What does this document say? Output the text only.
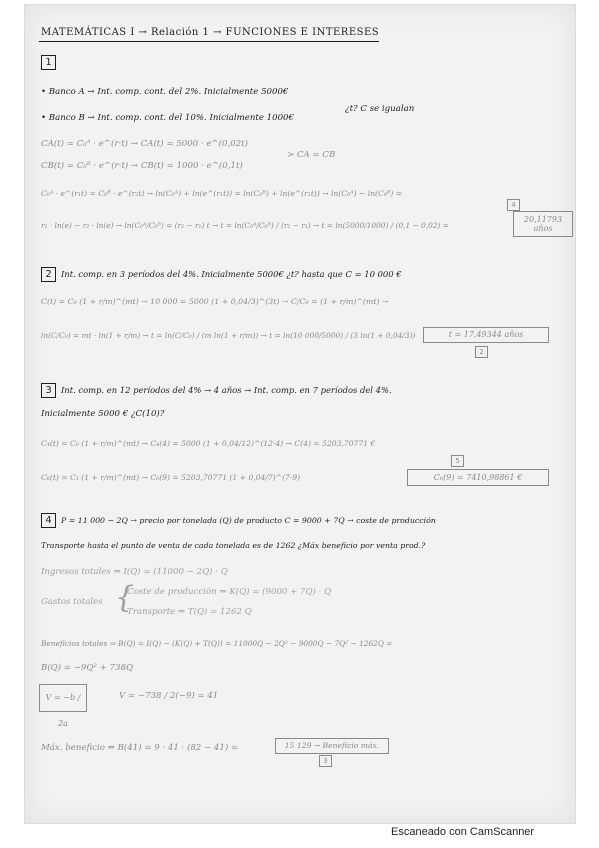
MATEMÁTICAS I → Relación 1 → FUNCIONES E INTERESES
1
• Banco A → Int. comp. cont. del 2%. Inicialmente 5000€
• Banco B → Int. comp. cont. del 10%. Inicialmente 1000€
¿t? C se igualan
CA(t) = C₀ᴬ · e^(r·t) → CA(t) = 5000 · e^(0,02t)
CB(t) = C₀ᴮ · e^(r·t) → CB(t) = 1000 · e^(0,1t)
> CA = CB
C₀ᴬ · e^(r₁t) = C₀ᴮ · e^(r₂t) → ln(C₀ᴬ) + ln(e^(r₁t)) = ln(C₀ᴮ) + ln(e^(r₂t)) → ln(C₀ᴬ) − ln(C₀ᴮ) =
r₁ · ln(e) − r₂ · ln(e) → ln(C₀ᴬ/C₀ᴮ) = (r₂ − r₁) t → t = ln(C₀ᴬ/C₀ᴮ) / (r₂ − r₁) → t = ln(5000/1000) / (0,1 − 0,02) =
4
20,11793 años
2	Int. comp. en 3 períodos del 4%. Inicialmente 5000€ ¿t? hasta que C = 10 000 €
C(t) = C₀ (1 + r/m)^(mt) → 10 000 = 5000 (1 + 0,04/3)^(3t) → C/C₀ = (1 + r/m)^(mt) →
ln(C/C₀) = mt · ln(1 + r/m) → t = ln(C/C₀) / (m ln(1 + r/m)) → t = ln(10 000/5000) / (3 ln(1 + 0,04/3))	t = 17,49344 años
2
3	Int. comp. en 12 períodos del 4% → 4 años → Int. comp. en 7 períodos del 4%.
Inicialmente 5000 € ¿C(10)?
C₄(t) = C₀ (1 + r/m)^(mt) → C₄(4) = 5000 (1 + 0,04/12)^(12·4) → C(4) = 5203,70771 €
C₆(t) = C₁ (1 + r/m)^(mt) → C₆(9) = 5203,70771 (1 + 0,04/7)^(7·9)
5
C₆(9) = 7410,98861 €
4	P = 11 000 − 2Q → precio por tonelada (Q) de producto C = 9000 + 7Q → coste de producción
Transporte hasta el punto de venta de cada tonelada es de 1262 ¿Máx beneficio por venta prod.?
Ingresos totales ⇒ I(Q) = (11000 − 2Q) · Q
Gastos totales {
Coste de producción ⇒ K(Q) = (9000 + 7Q) · Q
Transporte ⇒ T(Q) = 1262 Q
Beneficios totales ⇒ B(Q) = I(Q) − (K(Q) + T(Q)) = 11000Q − 2Q² − 9000Q − 7Q² − 1262Q =
B(Q) = −9Q² + 738Q
V = −b / 2a
V = −738 / 2(−9) = 41
Máx. beneficio ⇒ B(41) = 9 · 41 · (82 − 41) =	15 129 → Beneficio máx.
3
Escaneado con CamScanner
